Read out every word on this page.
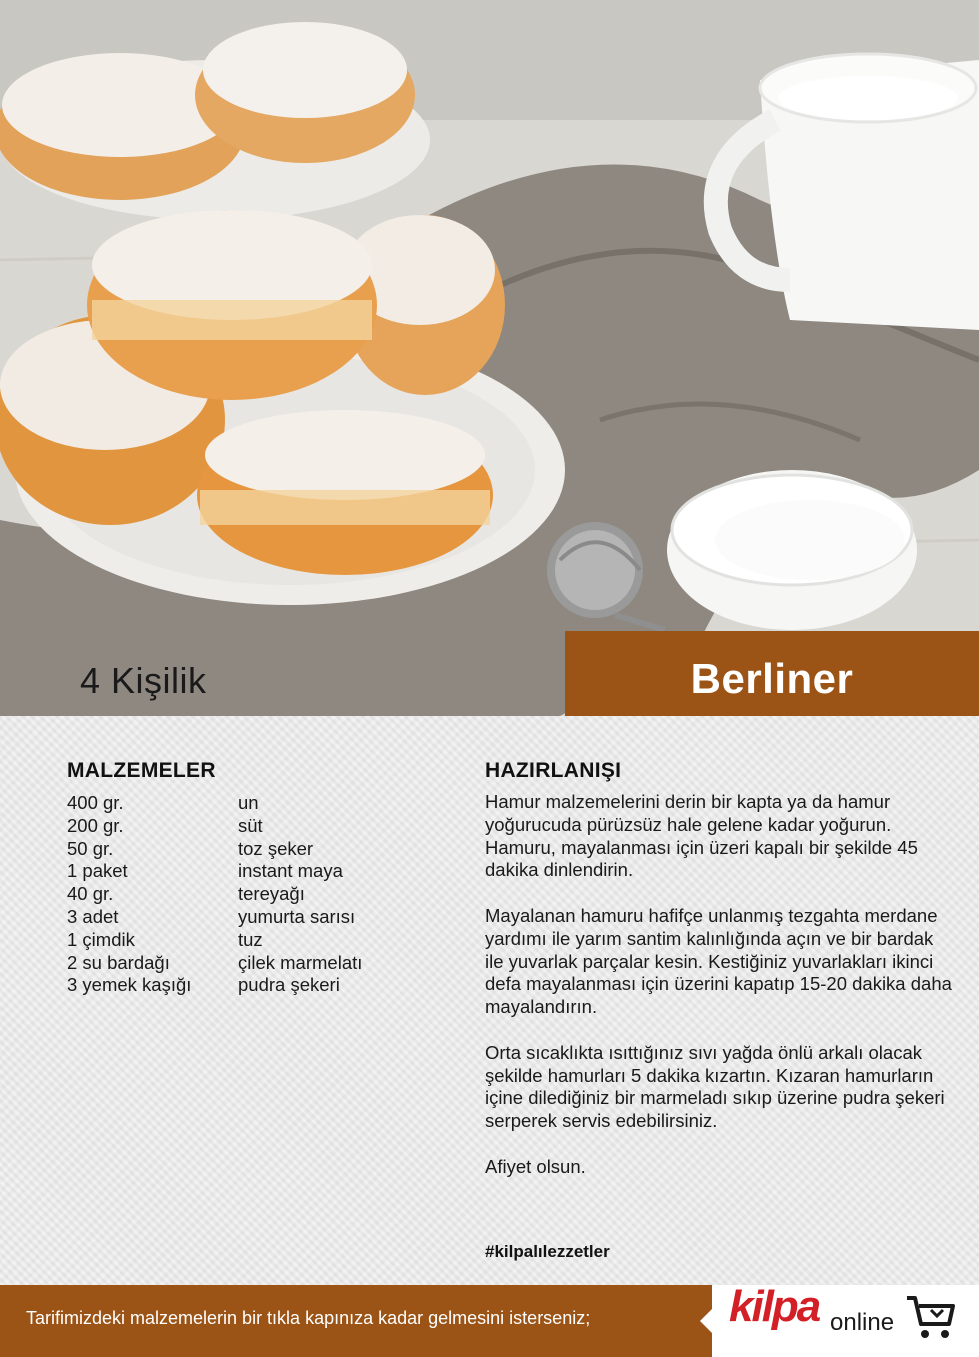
4 Kişilik	Berliner
MALZEMELER
400 gr.	un
200 gr.	süt
50 gr.	toz şeker
1 paket	instant maya
40 gr.	tereyağı
3 adet	yumurta sarısı
1 çimdik	tuz
2 su bardağı	çilek marmelatı
3 yemek kaşığı	pudra şekeri
HAZIRLANIŞI

Hamur malzemelerini derin bir kapta ya da hamur yoğurucuda pürüzsüz hale gelene kadar yoğurun. Hamuru, mayalanması için üzeri kapalı bir şekilde 45 dakika dinlendirin.

Mayalanan hamuru hafifçe unlanmış tezgahta merdane yardımı ile yarım santim kalınlığında açın ve bir bardak ile yuvarlak parçalar kesin. Kestiğiniz yuvarlakları ikinci defa mayalanması için üzerini kapatıp 15-20 dakika daha mayalandırın.

Orta sıcaklıkta ısıttığınız sıvı yağda önlü arkalı olacak şekilde hamurları 5 dakika kızartın. Kızaran hamurların içine dilediğiniz bir marmeladı sıkıp üzerine pudra şekeri serperek servis edebilirsiniz.

Afiyet olsun.

#kilpalılezzetler
Tarifimizdeki malzemelerin bir tıkla kapınıza kadar gelmesini isterseniz;	kilpa online
